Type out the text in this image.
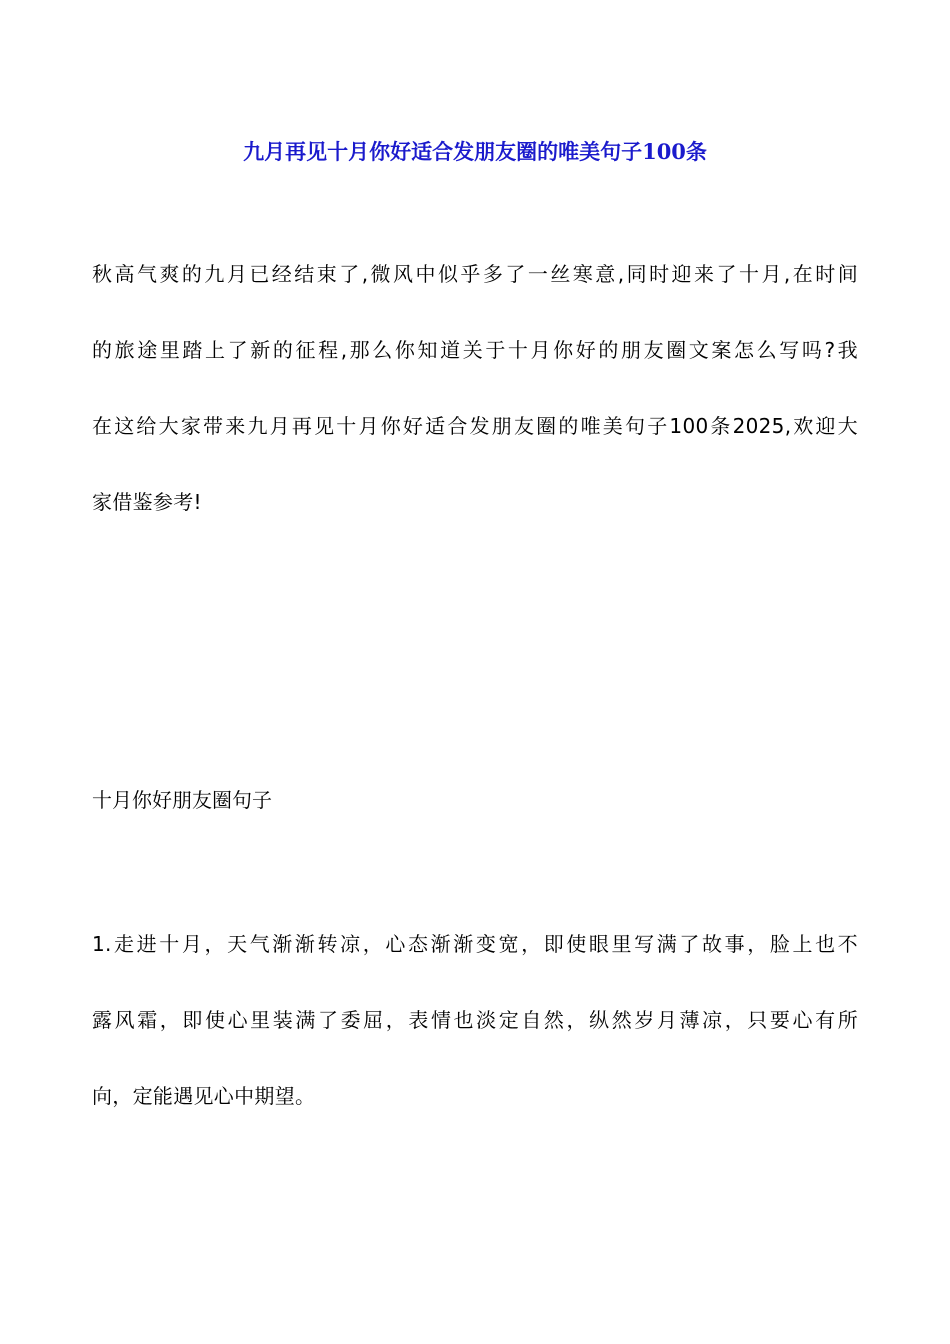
九月再见十月你好适合发朋友圈的唯美句子100条

秋高气爽的九月已经结束了,微风中似乎多了一丝寒意,同时迎来了十月,在时间
的旅途里踏上了新的征程,那么你知道关于十月你好的朋友圈文案怎么写吗?我
在这给大家带来九月再见十月你好适合发朋友圈的唯美句子100条2025,欢迎大
家借鉴参考!

十月你好朋友圈句子

1.走进十月，天气渐渐转凉，心态渐渐变宽，即使眼里写满了故事，脸上也不
露风霜，即使心里装满了委屈，表情也淡定自然，纵然岁月薄凉，只要心有所
向，定能遇见心中期望。
